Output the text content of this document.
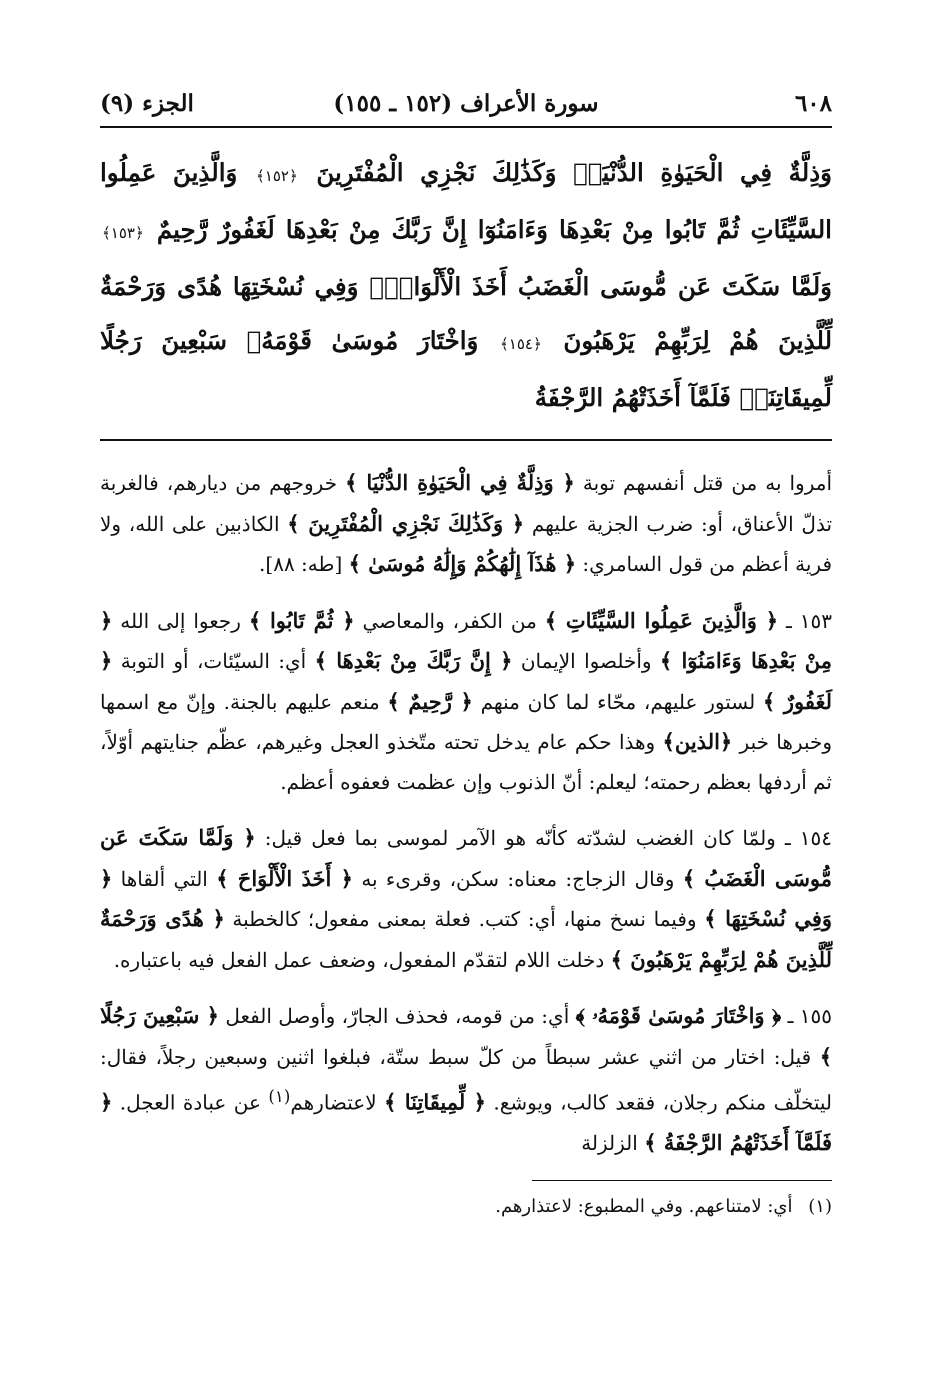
٦٠٨
سورة الأعراف (١٥٢ ـ ١٥٥)
الجزء (٩)
وَذِلَّةٌ فِي الْحَيَوٰةِ الدُّنْيَاۚ وَكَذَٰلِكَ نَجْزِي الْمُفْتَرِينَ ﴿١٥٢﴾ وَالَّذِينَ عَمِلُوا السَّيِّئَاتِ ثُمَّ تَابُوا مِنْ بَعْدِهَا وَءَامَنُوٓا إِنَّ رَبَّكَ مِنْ بَعْدِهَا لَغَفُورٌ رَّحِيمٌ ﴿١٥٣﴾ وَلَمَّا سَكَتَ عَن مُّوسَى الْغَضَبُ أَخَذَ الْأَلْوَاحَۖ وَفِي نُسْخَتِهَا هُدًى وَرَحْمَةٌ لِّلَّذِينَ هُمْ لِرَبِّهِمْ يَرْهَبُونَ ﴿١٥٤﴾ وَاخْتَارَ مُوسَىٰ قَوْمَهُۥ سَبْعِينَ رَجُلًا لِّمِيقَاتِنَاۖ فَلَمَّآ أَخَذَتْهُمُ الرَّجْفَةُ

أمروا به من قتل أنفسهم توبة ﴿ وَذِلَّةٌ فِي الْحَيَوٰةِ الدُّنْيَا ﴾ خروجهم من ديارهم، فالغربة تذلّ الأعناق، أو: ضرب الجزية عليهم ﴿ وَكَذَٰلِكَ نَجْزِي الْمُفْتَرِينَ ﴾ الكاذبين على الله، ولا فرية أعظم من قول السامري: ﴿ هَٰذَآ إِلَٰهُكُمْ وَإِلَٰهُ مُوسَىٰ ﴾ [طه: ٨٨].

١٥٣ ـ ﴿ وَالَّذِينَ عَمِلُوا السَّيِّئَاتِ ﴾ من الكفر، والمعاصي ﴿ ثُمَّ تَابُوا ﴾ رجعوا إلى الله ﴿ مِنْ بَعْدِهَا وَءَامَنُوٓا ﴾ وأخلصوا الإيمان ﴿ إِنَّ رَبَّكَ مِنْ بَعْدِهَا ﴾ أي: السيّئات، أو التوبة ﴿ لَغَفُورٌ ﴾ لستور عليهم، محّاء لما كان منهم ﴿ رَّحِيمٌ ﴾ منعم عليهم بالجنة. وإنّ مع اسمها وخبرها خبر ﴿الذين﴾ وهذا حكم عام يدخل تحته متّخذو العجل وغيرهم، عظّم جنايتهم أوّلاً، ثم أردفها بعظم رحمته؛ ليعلم: أنّ الذنوب وإن عظمت فعفوه أعظم.

١٥٤ ـ ولمّا كان الغضب لشدّته كأنّه هو الآمر لموسى بما فعل قيل: ﴿ وَلَمَّا سَكَتَ عَن مُّوسَى الْغَضَبُ ﴾ وقال الزجاج: معناه: سكن، وقرىء به ﴿ أَخَذَ الْأَلْوَاحَ ﴾ التي ألقاها ﴿ وَفِي نُسْخَتِهَا ﴾ وفيما نسخ منها، أي: كتب. فعلة بمعنى مفعول؛ كالخطبة ﴿ هُدًى وَرَحْمَةٌ لِّلَّذِينَ هُمْ لِرَبِّهِمْ يَرْهَبُونَ ﴾ دخلت اللام لتقدّم المفعول، وضعف عمل الفعل فيه باعتباره.

١٥٥ ـ ﴿ وَاخْتَارَ مُوسَىٰ قَوْمَهُۥ ﴾ أي: من قومه، فحذف الجارّ، وأوصل الفعل ﴿ سَبْعِينَ رَجُلًا ﴾ قيل: اختار من اثني عشر سبطاً من كلّ سبط ستّة، فبلغوا اثنين وسبعين رجلاً، فقال: ليتخلّف منكم رجلان، فقعد كالب، ويوشع. ﴿ لِّمِيقَاتِنَا ﴾ لاعتضارهم$^{(١)}$ عن عبادة العجل. ﴿ فَلَمَّآ أَخَذَتْهُمُ الرَّجْفَةُ ﴾ الزلزلة

(١) أي: لامتناعهم. وفي المطبوع: لاعتذارهم.
